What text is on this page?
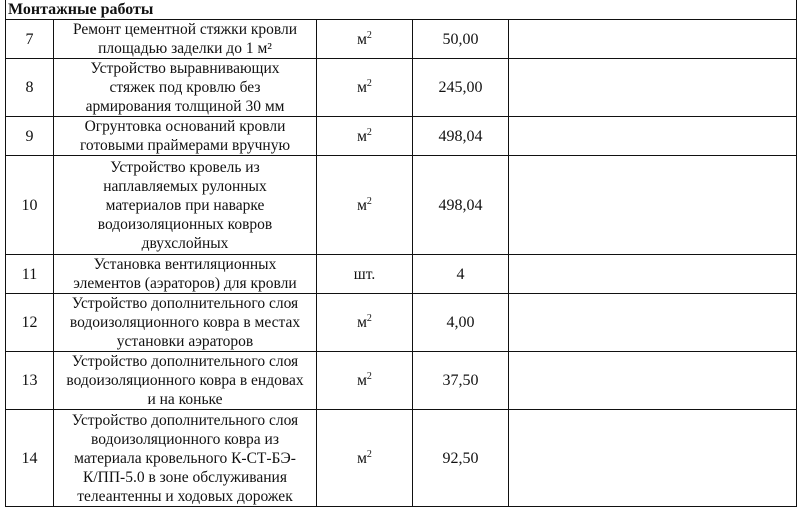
Монтажные работы				
7	Ремонт цементной стяжки кровли
площадью заделки до 1 м²	$м^2$	50,00	
8	Устройство выравнивающих
стяжек под кровлю без
армирования толщиной 30 мм	$м^2$	245,00	
9	Огрунтовка оснований кровли
готовыми праймерами вручную	$м^2$	498,04	
10	Устройство кровель из
наплавляемых рулонных
материалов при наварке
водоизоляционных ковров
двухслойных	$м^2$	498,04	
11	Установка вентиляционных
элементов (аэраторов) для кровли	шт.	4	
12	Устройство дополнительного слоя
водоизоляционного ковра в местах
установки аэраторов	$м^2$	4,00	
13	Устройство дополнительного слоя
водоизоляционного ковра в ендовах
и на коньке	$м^2$	37,50	
14	Устройство дополнительного слоя
водоизоляционного ковра из
материала кровельного К-СТ-БЭ-
К/ПП-5.0 в зоне обслуживания
телеантенны и ходовых дорожек	$м^2$	92,50	
